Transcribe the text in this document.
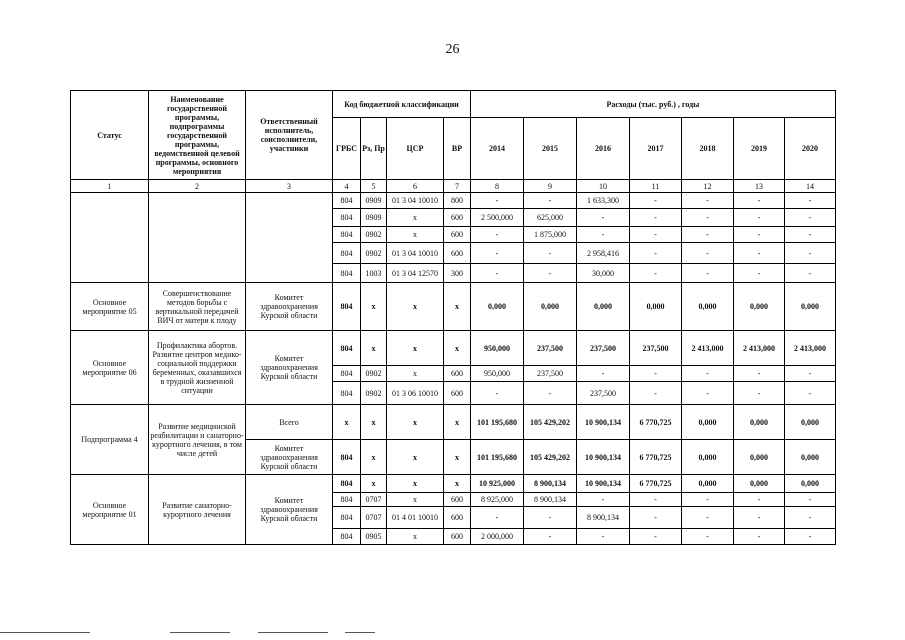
26
Статус	Наименование государственной программы, подпрограммы государственной программы, ведомственной целевой программы, основного мероприятия	Ответственный исполнитель, соисполнители, участники	Код бюджетной классификации				Расходы (тыс. руб.) , годы						
			ГРБС	Рз, Пр	ЦСР	ВР	2014	2015	2016	2017	2018	2019	2020
1	2	3	4	5	6	7	8	9	10	11	12	13	14
			804	0909	01 3 04 10010	800	-	-	1 633,300	-	-	-	-
			804	0909	x	600	2 500,000	625,000	-	-	-	-	-
			804	0902	x	600	-	1 875,000	-	-	-	-	-
			804	0902	01 3 04 10010	600	-	-	2 958,416	-	-	-	-
			804	1003	01 3 04 12570	300	-	-	30,000	-	-	-	-
Основное мероприятие 05	Совершенствование методов борьбы с вертикальной передачей ВИЧ от матери к плоду	Комитет здравоохранения Курской области	804	x	x	x	0,000	0,000	0,000	0,000	0,000	0,000	0,000
Основное мероприятие 06	Профилактика абортов. Развитие центров медико-социальной поддержки беременных, оказавшихся в трудной жизненной ситуации	Комитет здравоохранения Курской области	804	x	x	x	950,000	237,500	237,500	237,500	2 413,000	2 413,000	2 413,000
			804	0902	x	600	950,000	237,500	-	-	-	-	-
			804	0902	01 3 06 10010	600	-	-	237,500	-	-	-	-
Подпрограмма 4	Развитие медицинской реабилитации и санаторно-курортного лечения, в том числе детей	Всего	x	x	x	x	101 195,680	105 429,202	10 900,134	6 770,725	0,000	0,000	0,000
		Комитет здравоохранения Курской области	804	x	x	x	101 195,680	105 429,202	10 900,134	6 770,725	0,000	0,000	0,000
Основное мероприятие 01	Развитие санаторно-курортного лечения	Комитет здравоохранения Курской области	804	x	x	x	10 925,000	8 900,134	10 900,134	6 770,725	0,000	0,000	0,000
			804	0707	x	600	8 925,000	8 900,134	-	-	-	-	-
			804	0707	01 4 01 10010	600	-	-	8 900,134	-	-	-	-
			804	0905	x	600	2 000,000	-	-	-	-	-	-
